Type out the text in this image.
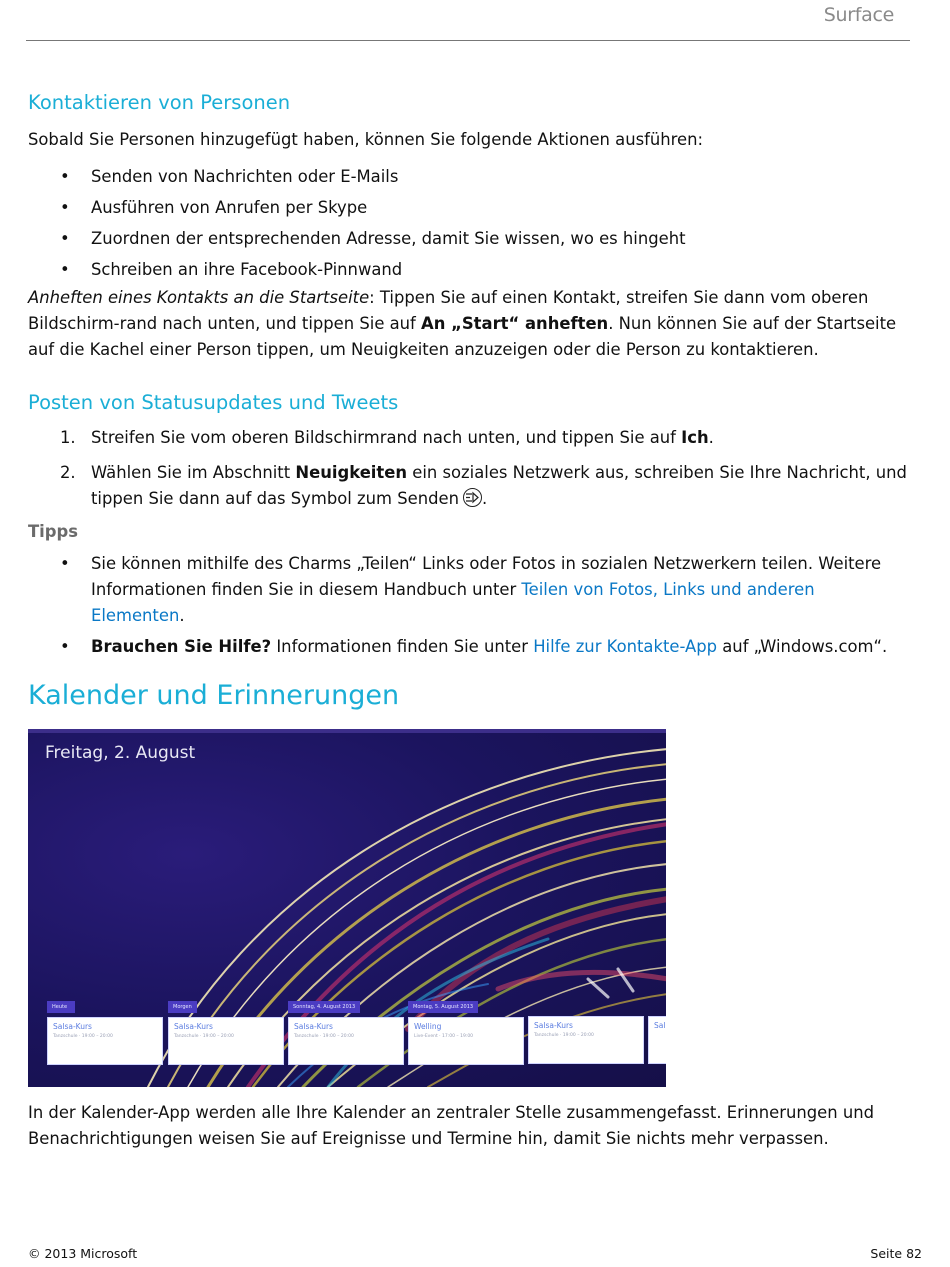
Surface
Kontaktieren von Personen

Sobald Sie Personen hinzugefügt haben, können Sie folgende Aktionen ausführen:

• Senden von Nachrichten oder E-Mails
• Ausführen von Anrufen per Skype
• Zuordnen der entsprechenden Adresse, damit Sie wissen, wo es hingeht
• Schreiben an ihre Facebook-Pinnwand

Anheften eines Kontakts an die Startseite: Tippen Sie auf einen Kontakt, streifen Sie dann vom oberen Bildschirm-rand nach unten, und tippen Sie auf An „Start“ anheften. Nun können Sie auf der Startseite auf die Kachel einer Person tippen, um Neuigkeiten anzuzeigen oder die Person zu kontaktieren.

Posten von Statusupdates und Tweets
1. Streifen Sie vom oberen Bildschirmrand nach unten, und tippen Sie auf Ich.
2. Wählen Sie im Abschnitt Neuigkeiten ein soziales Netzwerk aus, schreiben Sie Ihre Nachricht, und tippen Sie dann auf das Symbol zum Senden .
Tipps
• Sie können mithilfe des Charms „Teilen“ Links oder Fotos in sozialen Netzwerkern teilen. Weitere Informationen finden Sie in diesem Handbuch unter Teilen von Fotos, Links und anderen Elementen.
• Brauchen Sie Hilfe? Informationen finden Sie unter Hilfe zur Kontakte-App auf „Windows.com“.
Kalender und Erinnerungen
Freitag, 2. August
Heute
Salsa-Kurs
Tanzschule · 19:00 – 20:00
Morgen
Salsa-Kurs
Tanzschule · 19:00 – 20:00
Sonntag, 4. August 2013
Salsa-Kurs
Tanzschule · 19:00 – 20:00
Montag, 5. August 2013
Welling
Live-Event · 17:00 – 19:00
Salsa-Kurs
Tanzschule · 19:00 – 20:00
Sal

In der Kalender-App werden alle Ihre Kalender an zentraler Stelle zusammengefasst. Erinnerungen und Benachrichtigungen weisen Sie auf Ereignisse und Termine hin, damit Sie nichts mehr verpassen.

© 2013 Microsoft	Seite 82
